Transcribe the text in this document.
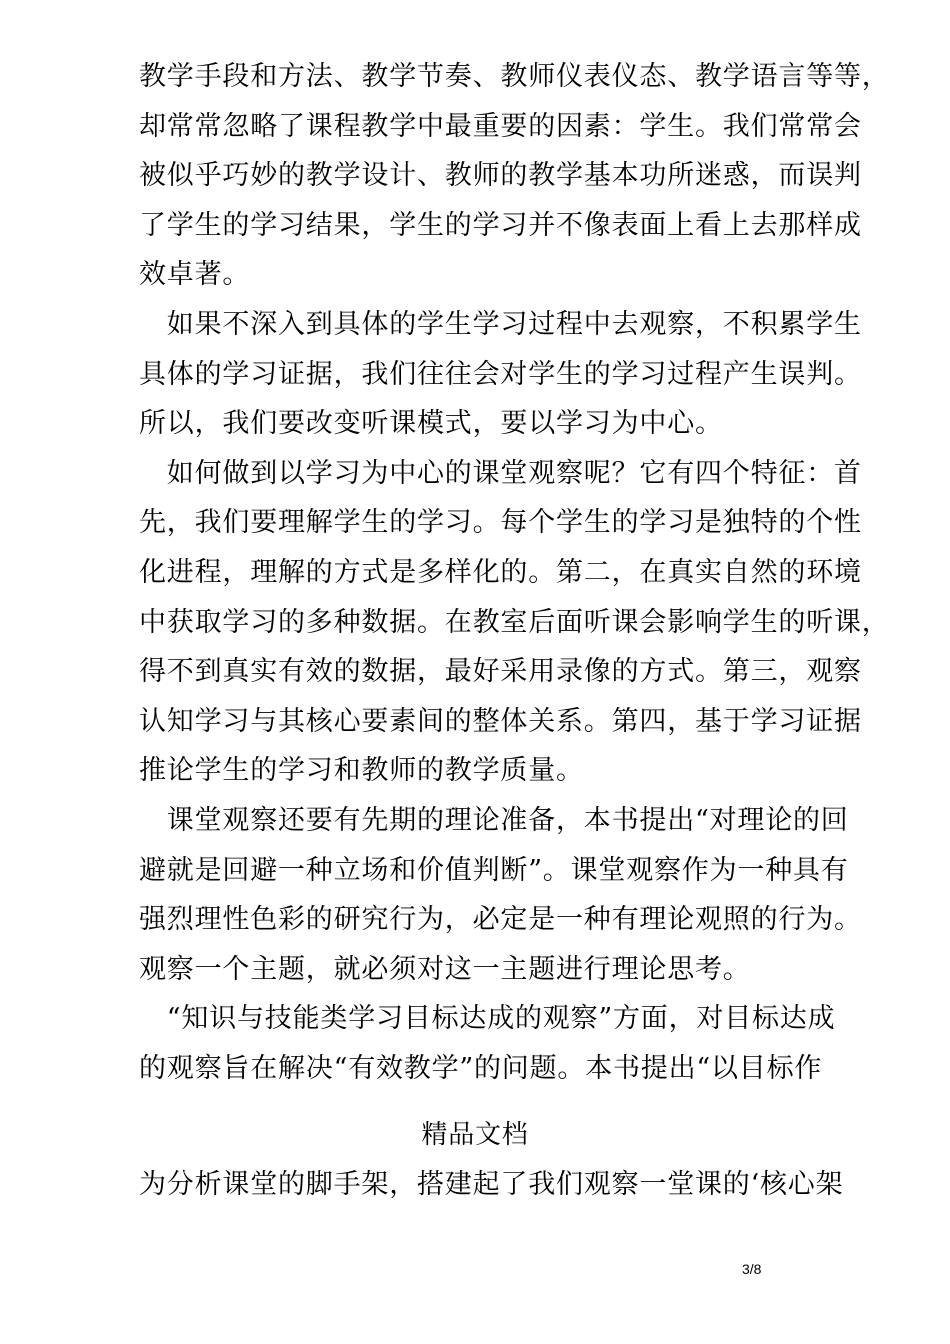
教学手段和方法、教学节奏、教师仪表仪态、教学语言等等，
却常常忽略了课程教学中最重要的因素：学生。我们常常会
被似乎巧妙的教学设计、教师的教学基本功所迷惑，而误判
了学生的学习结果，学生的学习并不像表面上看上去那样成
效卓著。
　如果不深入到具体的学生学习过程中去观察，不积累学生
具体的学习证据，我们往往会对学生的学习过程产生误判。
所以，我们要改变听课模式，要以学习为中心。
　如何做到以学习为中心的课堂观察呢？它有四个特征：首
先，我们要理解学生的学习。每个学生的学习是独特的个性
化进程，理解的方式是多样化的。第二，在真实自然的环境
中获取学习的多种数据。在教室后面听课会影响学生的听课，
得不到真实有效的数据，最好采用录像的方式。第三，观察
认知学习与其核心要素间的整体关系。第四，基于学习证据
推论学生的学习和教师的教学质量。
　课堂观察还要有先期的理论准备，本书提出“对理论的回
避就是回避一种立场和价值判断”。课堂观察作为一种具有
强烈理性色彩的研究行为，必定是一种有理论观照的行为。
观察一个主题，就必须对这一主题进行理论思考。
　“知识与技能类学习目标达成的观察”方面，对目标达成
的观察旨在解决“有效教学”的问题。本书提出“以目标作
精品文档
为分析课堂的脚手架，搭建起了我们观察一堂课的‘核心架
3/8
